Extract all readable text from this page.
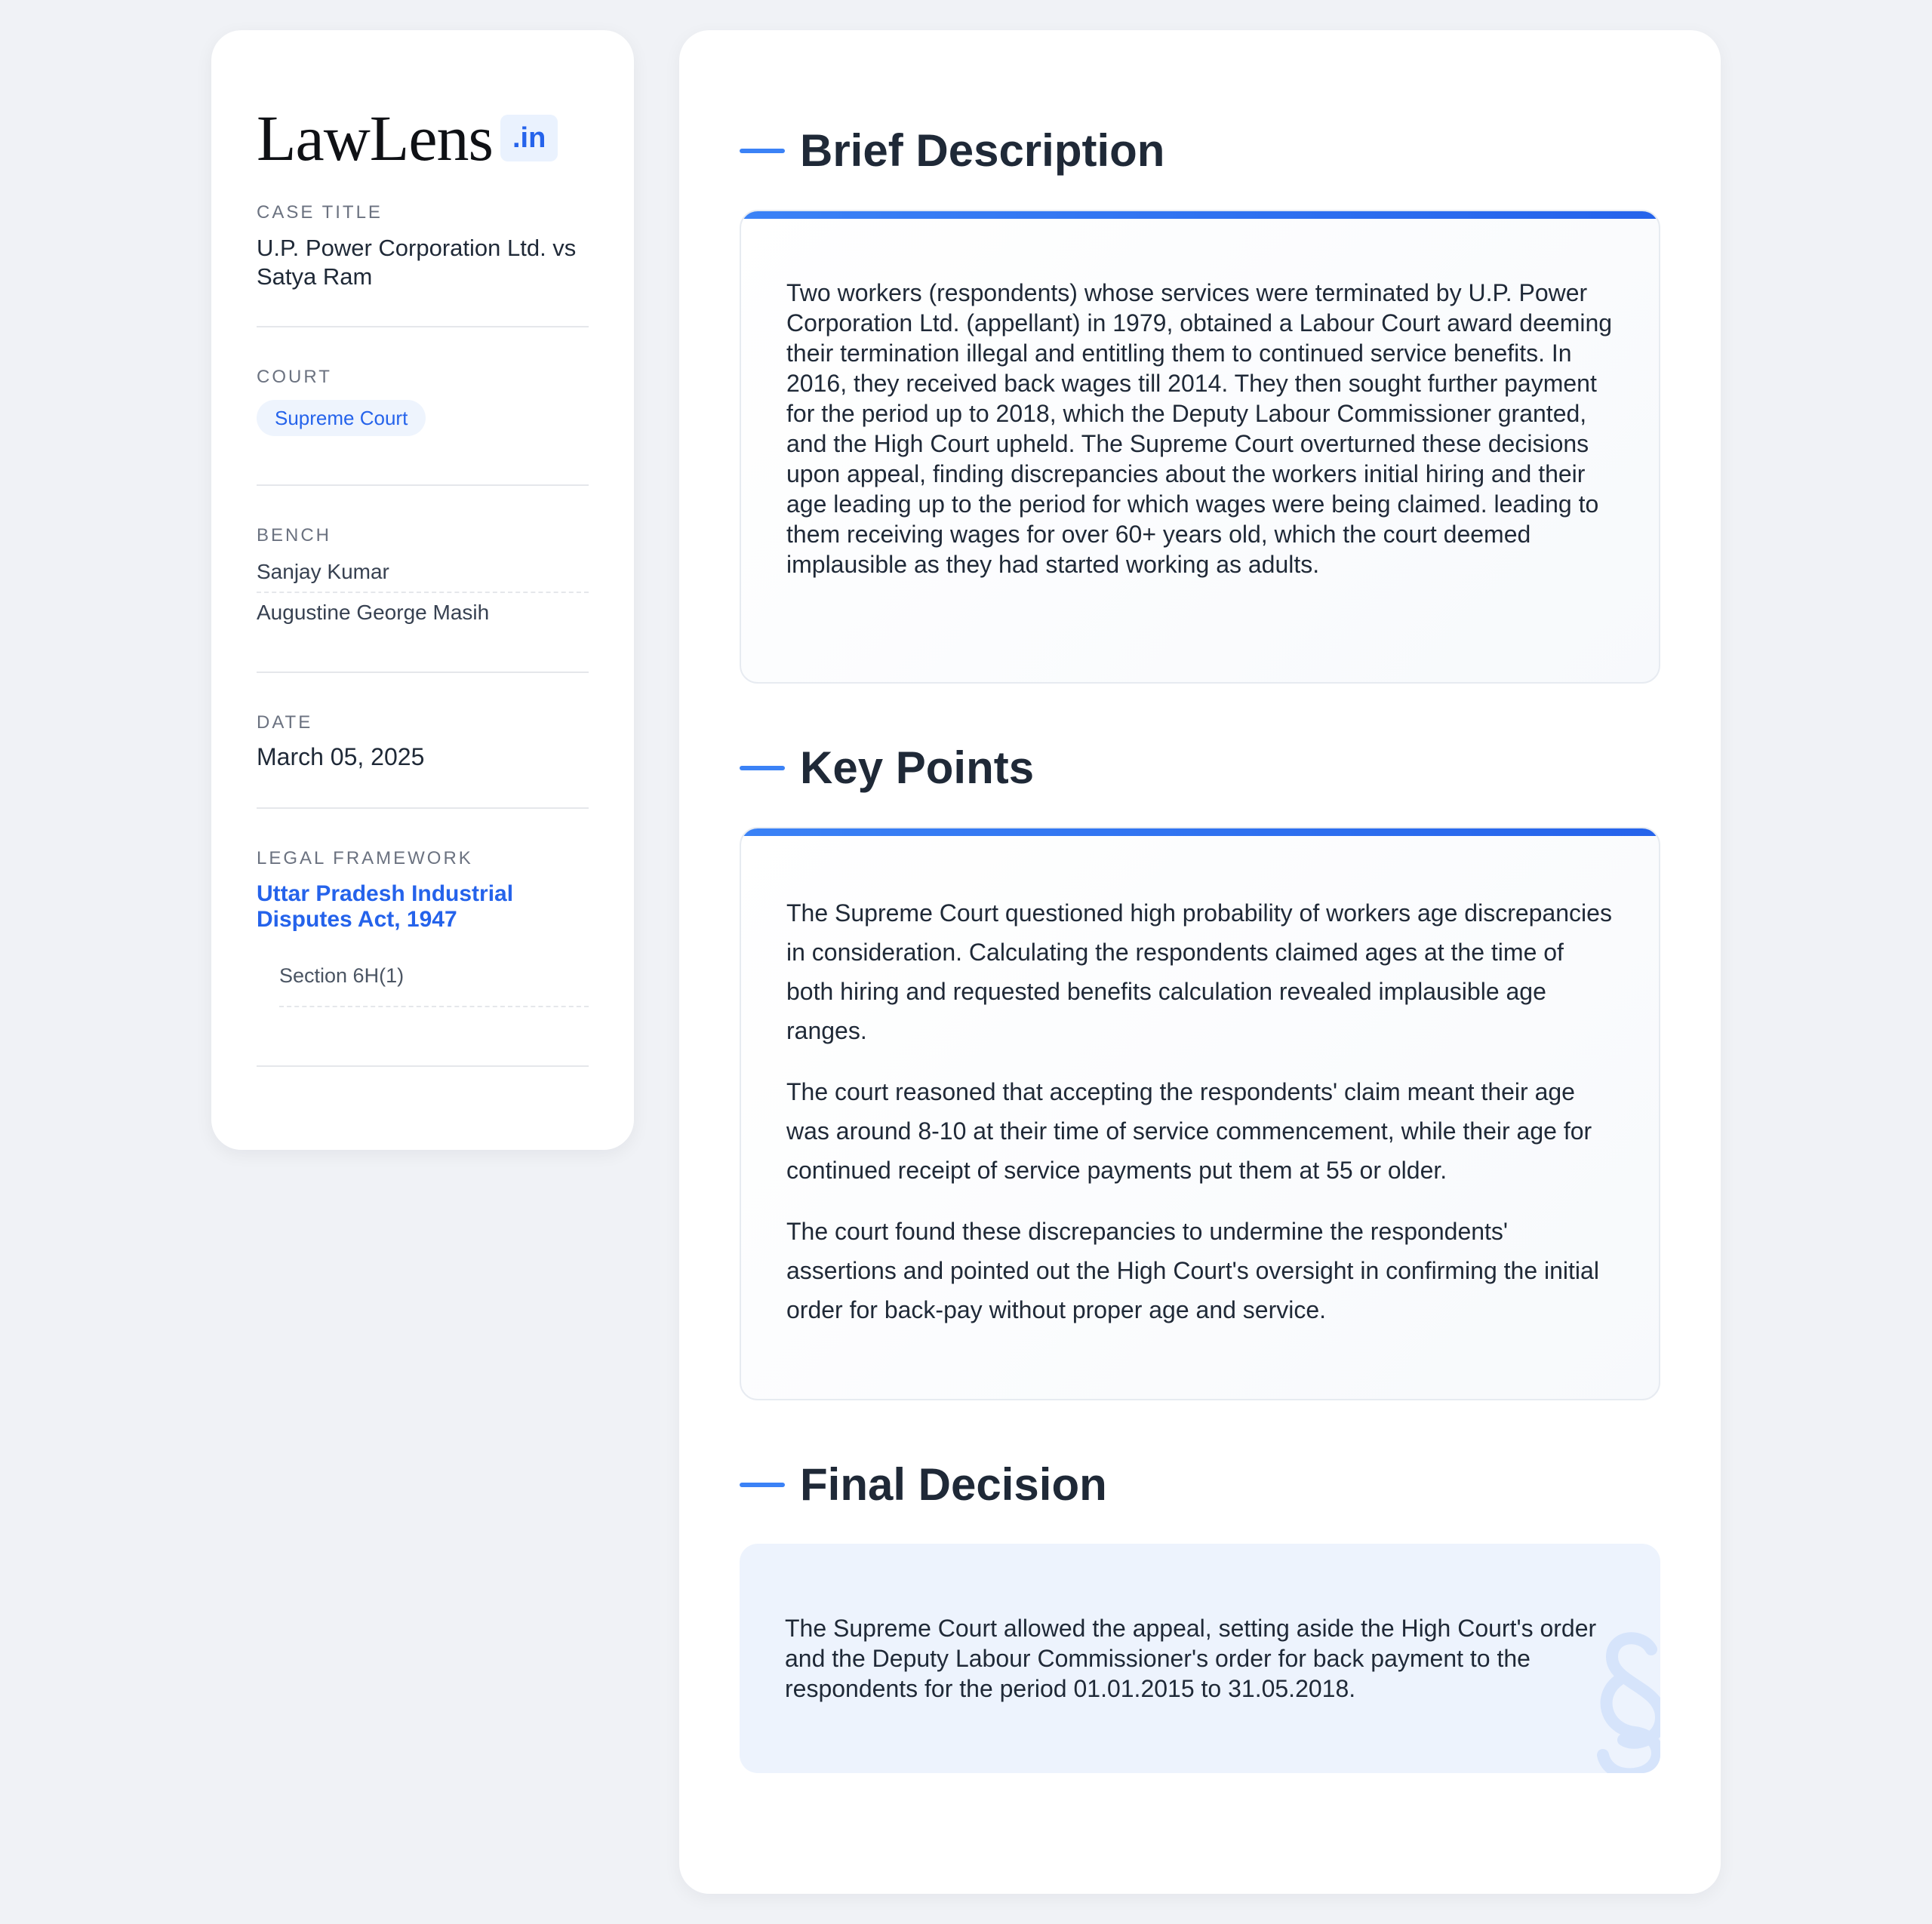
LawLens .in
CASE TITLE
U.P. Power Corporation Ltd. vs Satya Ram
COURT
Supreme Court
BENCH
Sanjay Kumar
Augustine George Masih
DATE
March 05, 2025
LEGAL FRAMEWORK
Uttar Pradesh Industrial Disputes Act, 1947
Section 6H(1)
Brief Description

Two workers (respondents) whose services were terminated by U.P. Power Corporation Ltd. (appellant) in 1979, obtained a Labour Court award deeming their termination illegal and entitling them to continued service benefits. In 2016, they received back wages till 2014. They then sought further payment for the period up to 2018, which the Deputy Labour Commissioner granted, and the High Court upheld. The Supreme Court overturned these decisions upon appeal, finding discrepancies about the workers initial hiring and their age leading up to the period for which wages were being claimed. leading to them receiving wages for over 60+ years old, which the court deemed implausible as they had started working as adults.

Key Points

The Supreme Court questioned high probability of workers age discrepancies in consideration. Calculating the respondents claimed ages at the time of both hiring and requested benefits calculation revealed implausible age ranges.

The court reasoned that accepting the respondents' claim meant their age was around 8-10 at their time of service commencement, while their age for continued receipt of service payments put them at 55 or older.

The court found these discrepancies to undermine the respondents' assertions and pointed out the High Court's oversight in confirming the initial order for back-pay without proper age and service.

Final Decision

The Supreme Court allowed the appeal, setting aside the High Court's order and the Deputy Labour Commissioner's order for back payment to the respondents for the period 01.01.2015 to 31.05.2018.
